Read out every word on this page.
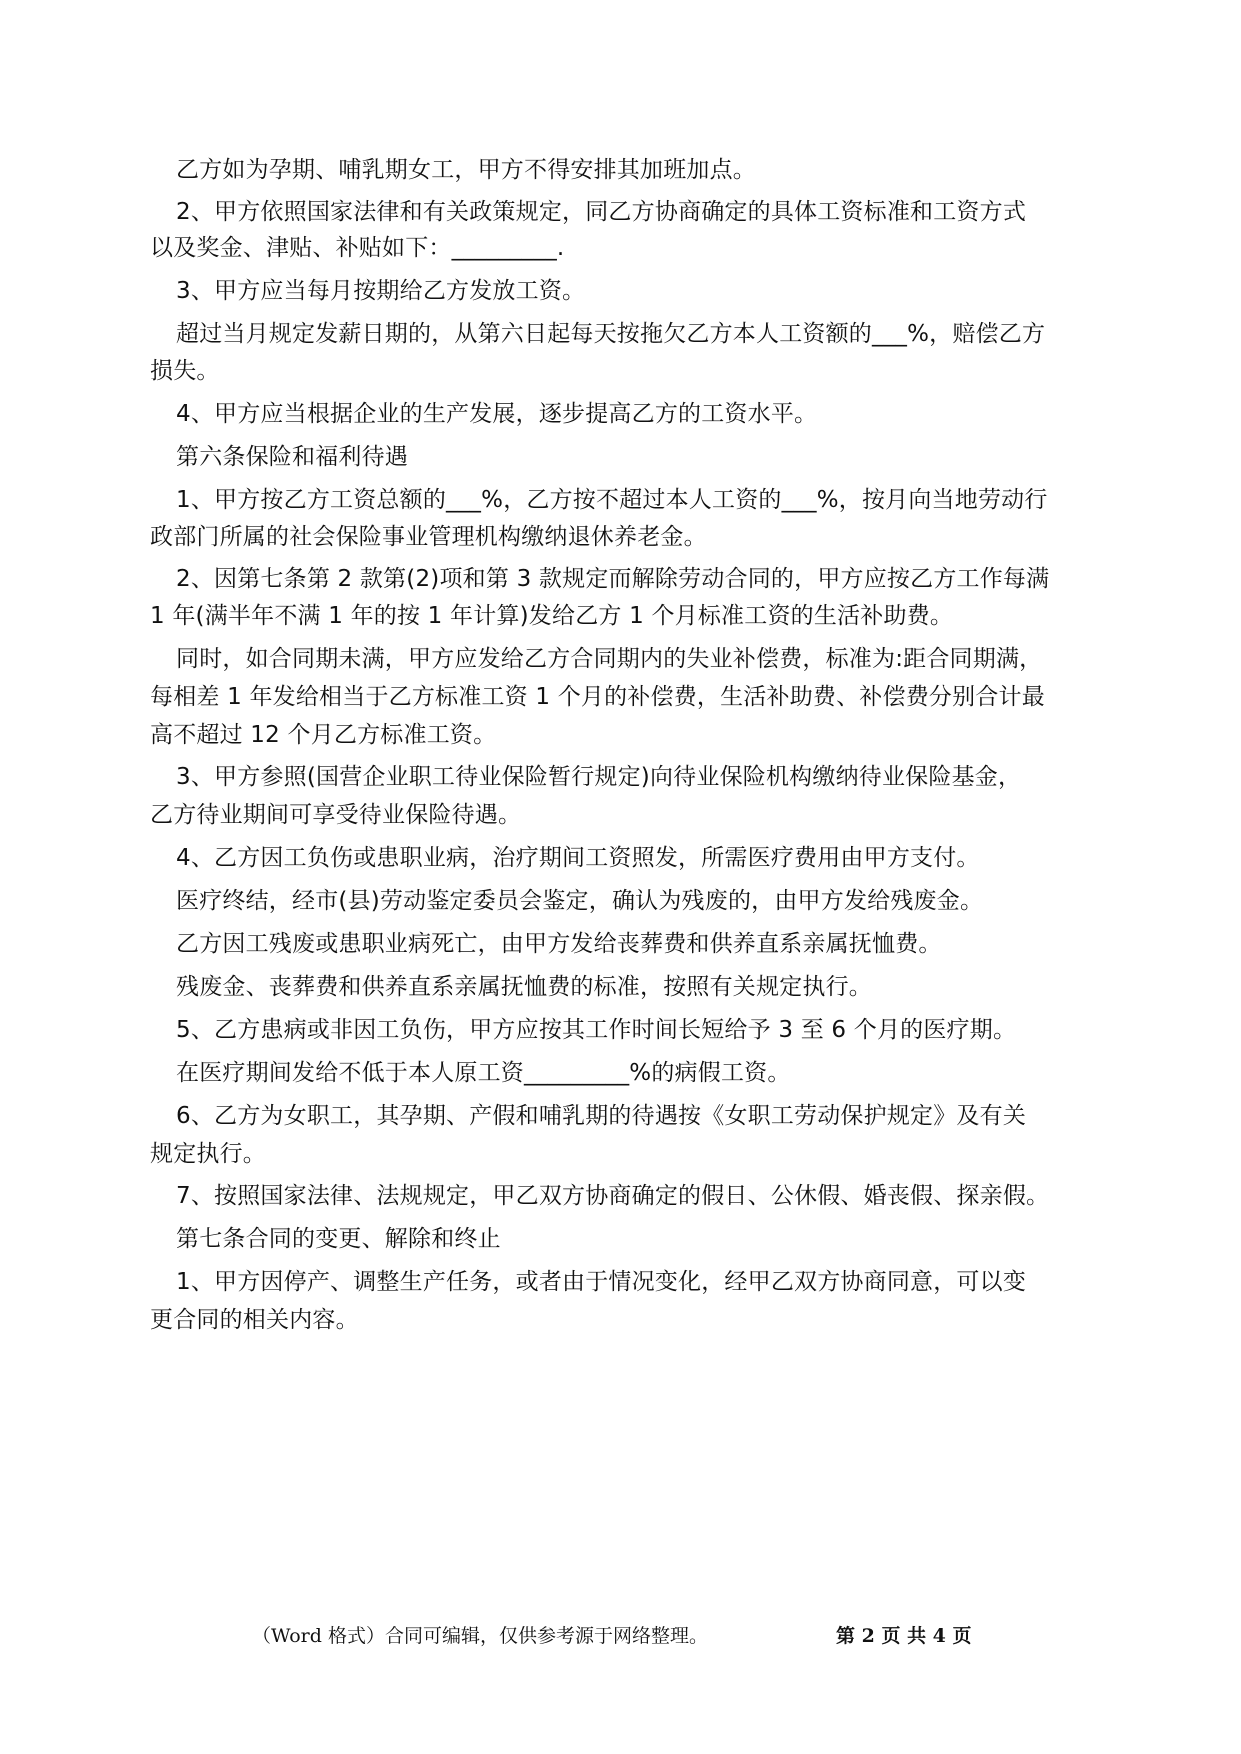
乙方如为孕期、哺乳期女工，甲方不得安排其加班加点。
2、甲方依照国家法律和有关政策规定，同乙方协商确定的具体工资标准和工资方式
以及奖金、津贴、补贴如下：_________.
3、甲方应当每月按期给乙方发放工资。
超过当月规定发薪日期的，从第六日起每天按拖欠乙方本人工资额的___%，赔偿乙方
损失。
4、甲方应当根据企业的生产发展，逐步提高乙方的工资水平。
第六条保险和福利待遇
1、甲方按乙方工资总额的___%，乙方按不超过本人工资的___%，按月向当地劳动行
政部门所属的社会保险事业管理机构缴纳退休养老金。
2、因第七条第 2 款第(2)项和第 3 款规定而解除劳动合同的，甲方应按乙方工作每满
1 年(满半年不满 1 年的按 1 年计算)发给乙方 1 个月标准工资的生活补助费。
同时，如合同期未满，甲方应发给乙方合同期内的失业补偿费，标准为:距合同期满，
每相差 1 年发给相当于乙方标准工资 1 个月的补偿费，生活补助费、补偿费分别合计最
高不超过 12 个月乙方标准工资。
3、甲方参照(国营企业职工待业保险暂行规定)向待业保险机构缴纳待业保险基金，
乙方待业期间可享受待业保险待遇。
4、乙方因工负伤或患职业病，治疗期间工资照发，所需医疗费用由甲方支付。
医疗终结，经市(县)劳动鉴定委员会鉴定，确认为残废的，由甲方发给残废金。
乙方因工残废或患职业病死亡，由甲方发给丧葬费和供养直系亲属抚恤费。
残废金、丧葬费和供养直系亲属抚恤费的标准，按照有关规定执行。
5、乙方患病或非因工负伤，甲方应按其工作时间长短给予 3 至 6 个月的医疗期。
在医疗期间发给不低于本人原工资_________%的病假工资。
6、乙方为女职工，其孕期、产假和哺乳期的待遇按《女职工劳动保护规定》及有关
规定执行。
7、按照国家法律、法规规定，甲乙双方协商确定的假日、公休假、婚丧假、探亲假。
第七条合同的变更、解除和终止
1、甲方因停产、调整生产任务，或者由于情况变化，经甲乙双方协商同意，可以变
更合同的相关内容。
（Word 格式）合同可编辑，仅供参考源于网络整理。	第 2 页 共 4 页
